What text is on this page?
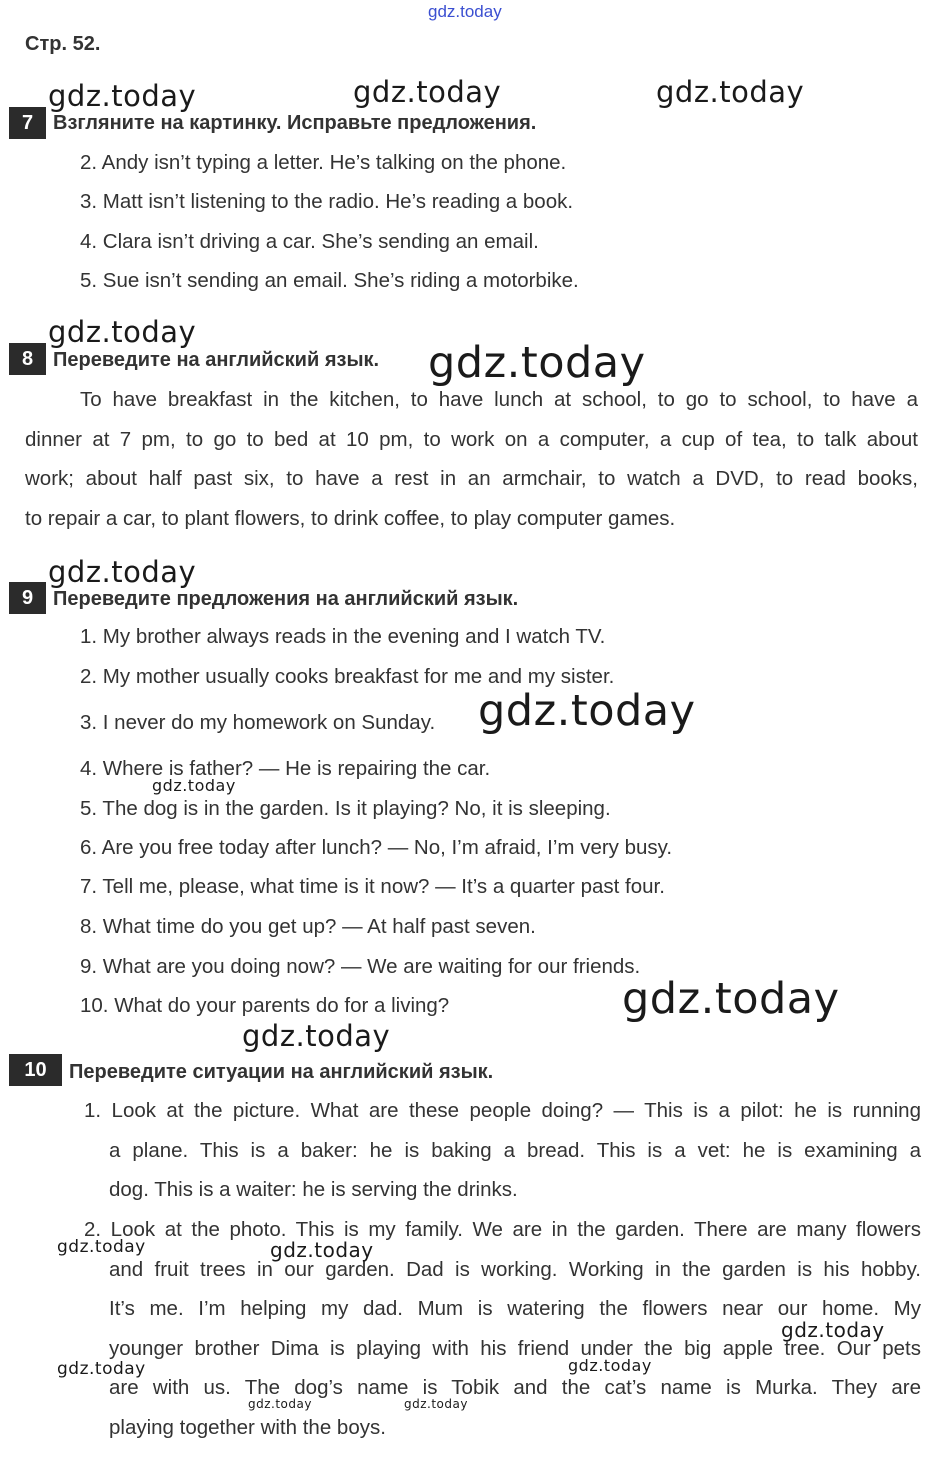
gdz.today
Стр. 52.
gdz.today	gdz.today	gdz.today
7 Взгляните на картинку. Исправьте предложения.
2. Andy isn’t typing a letter. He’s talking on the phone.
3. Matt isn’t listening to the radio. He’s reading a book.
4. Clara isn’t driving a car. She’s sending an email.
5. Sue isn’t sending an email. She’s riding a motorbike.
gdz.today
8 Переведите на английский язык. gdz.today
To have breakfast in the kitchen, to have lunch at school, to go to school, to have a
dinner at 7 pm, to go to bed at 10 pm, to work on a computer, a cup of tea, to talk about
work; about half past six, to have a rest in an armchair, to watch a DVD, to read books,
to repair a car, to plant flowers, to drink coffee, to play computer games.
gdz.today
9 Переведите предложения на английский язык.
1. My brother always reads in the evening and I watch TV.
2. My mother usually cooks breakfast for me and my sister.
3. I never do my homework on Sunday. gdz.today
4. Where is father? — He is repairing the car.
gdz.today
5. The dog is in the garden. Is it playing? No, it is sleeping.
6. Are you free today after lunch? — No, I’m afraid, I’m very busy.
7. Tell me, please, what time is it now? — It’s a quarter past four.
8. What time do you get up? — At half past seven.
9. What are you doing now? — We are waiting for our friends.
10. What do your parents do for a living?	gdz.today
gdz.today
10	Переведите ситуации на английский язык.
1. Look at the picture. What are these people doing? — This is a pilot: he is running
a plane. This is a baker: he is baking a bread. This is a vet: he is examining a
dog. This is a waiter: he is serving the drinks.
2. Look at the photo. This is my family. We are in the garden. There are many flowers
and fruit trees in our garden. Dad is working. Working in the garden is his hobby.
It’s me. I’m helping my dad. Mum is watering the flowers near our home. My
younger brother Dima is playing with his friend under the big apple tree. Our pets
are with us. The dog’s name is Tobik and the cat’s name is Murka. They are
playing together with the boys.
gdz.today	gdz.today
gdz.today
gdz.today	gdz.today
gdz.today	gdz.today
